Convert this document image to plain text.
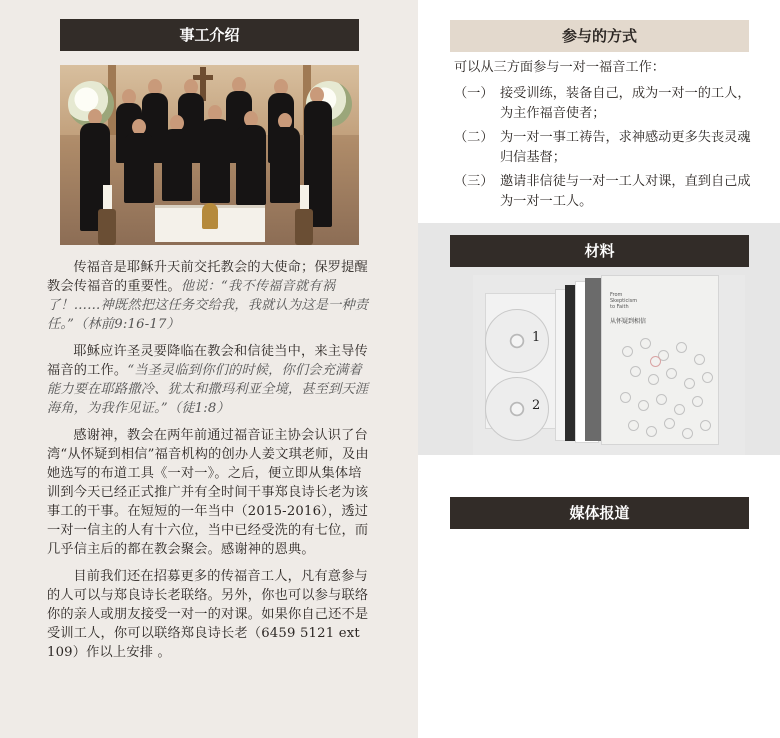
事工介绍

传福音是耶稣升天前交托教会的大使命；保罗提醒教会传福音的重要性。他说：“我不传福音就有祸了！……神既然把这任务交给我，我就认为这是一种责任。”（林前9:16-17）

耶稣应许圣灵要降临在教会和信徒当中，来主导传福音的工作。“当圣灵临到你们的时候，你们会充满着能力要在耶路撒冷、犹太和撒玛利亚全境，甚至到天涯海角，为我作见证。”（徒1:8）

感谢神，教会在两年前通过福音证主协会认识了台湾“从怀疑到相信”福音机构的创办人姜文琪老师，及由她选写的布道工具《一对一》。之后，便立即从集体培训到今天已经正式推广并有全时间干事郑良诗长老为该事工的干事。在短短的一年当中（2015-2016），透过一对一信主的人有十六位，当中已经受洗的有七位，而几乎信主后的都在教会聚会。感谢神的恩典。

目前我们还在招募更多的传福音工人，凡有意参与的人可以与郑良诗长老联络。另外，你也可以参与联络你的亲人或朋友接受一对一的对课。如果你自己还不是受训工人，你可以联络郑良诗长老（6459 5121 ext 109）作以上安排 。

参与的方式
可以从三方面参与一对一福音工作：
（一） 接受训练，装备自己，成为一对一的工人，为主作福音使者；
（二） 为一对一事工祷告，求神感动更多失丧灵魂归信基督；
（三） 邀请非信徒与一对一工人对课，直到自己成为一对一工人。
材料
1
2
From
Skepticism
to Faith
从怀疑到相信
媒体报道
